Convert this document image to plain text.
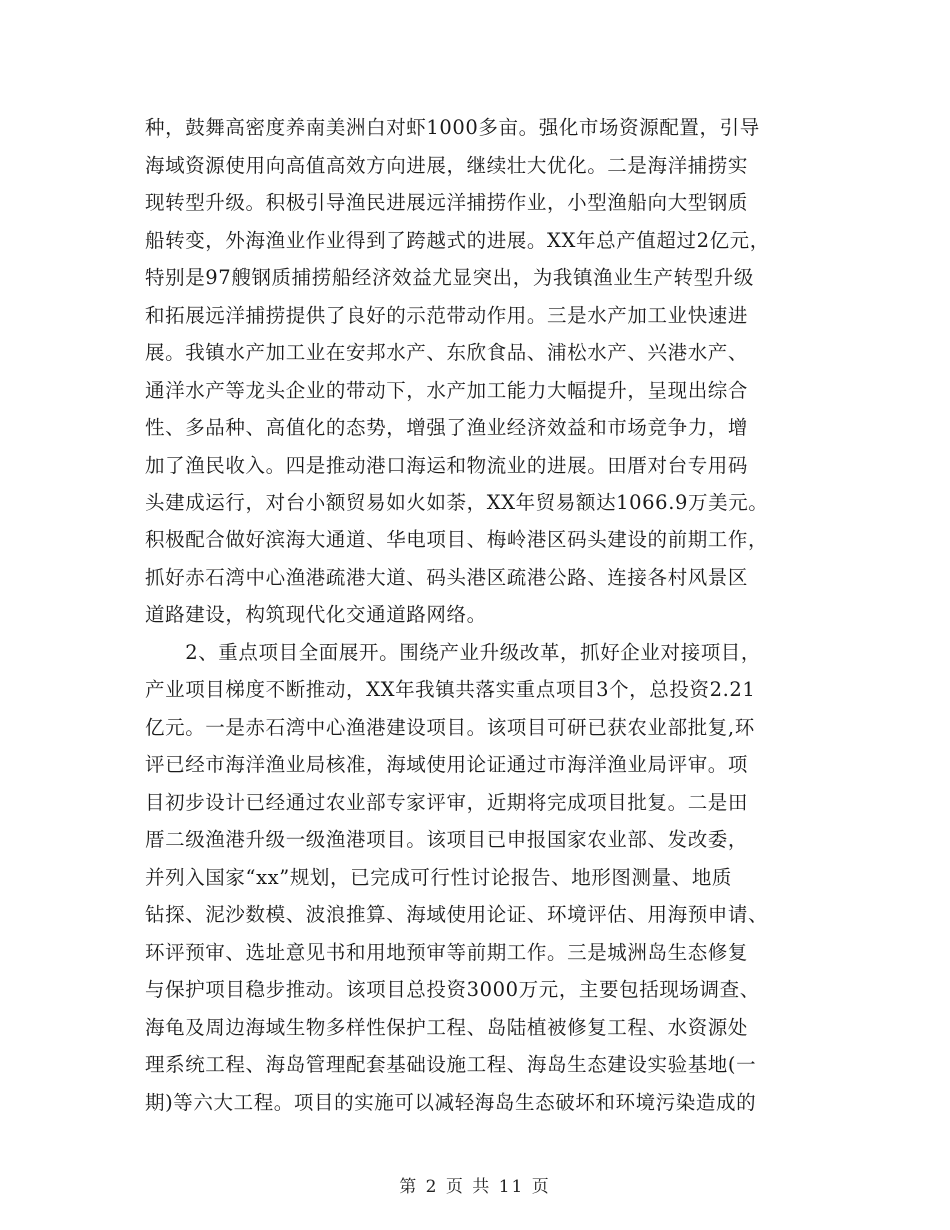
种，鼓舞高密度养南美洲白对虾1000多亩。强化市场资源配置，引导
海域资源使用向高值高效方向进展，继续壮大优化。二是海洋捕捞实
现转型升级。积极引导渔民进展远洋捕捞作业，小型渔船向大型钢质
船转变，外海渔业作业得到了跨越式的进展。XX年总产值超过2亿元，
特别是97艘钢质捕捞船经济效益尤显突出，为我镇渔业生产转型升级
和拓展远洋捕捞提供了良好的示范带动作用。三是水产加工业快速进
展。我镇水产加工业在安邦水产、东欣食品、浦松水产、兴港水产、
通洋水产等龙头企业的带动下，水产加工能力大幅提升，呈现出综合
性、多品种、高值化的态势，增强了渔业经济效益和市场竞争力，增
加了渔民收入。四是推动港口海运和物流业的进展。田厝对台专用码
头建成运行，对台小额贸易如火如荼，XX年贸易额达1066.9万美元。
积极配合做好滨海大通道、华电项目、梅岭港区码头建设的前期工作，
抓好赤石湾中心渔港疏港大道、码头港区疏港公路、连接各村风景区
道路建设，构筑现代化交通道路网络。
　　2、重点项目全面展开。围绕产业升级改革，抓好企业对接项目，
产业项目梯度不断推动，XX年我镇共落实重点项目3个，总投资2.21
亿元。一是赤石湾中心渔港建设项目。该项目可研已获农业部批复,环
评已经市海洋渔业局核准，海域使用论证通过市海洋渔业局评审。项
目初步设计已经通过农业部专家评审，近期将完成项目批复。二是田
厝二级渔港升级一级渔港项目。该项目已申报国家农业部、发改委，
并列入国家“xx”规划，已完成可行性讨论报告、地形图测量、地质
钻探、泥沙数模、波浪推算、海域使用论证、环境评估、用海预申请、
环评预审、选址意见书和用地预审等前期工作。三是城洲岛生态修复
与保护项目稳步推动。该项目总投资3000万元，主要包括现场调查、
海龟及周边海域生物多样性保护工程、岛陆植被修复工程、水资源处
理系统工程、海岛管理配套基础设施工程、海岛生态建设实验基地(一
期)等六大工程。项目的实施可以减轻海岛生态破坏和环境污染造成的
第 2 页 共 11 页
